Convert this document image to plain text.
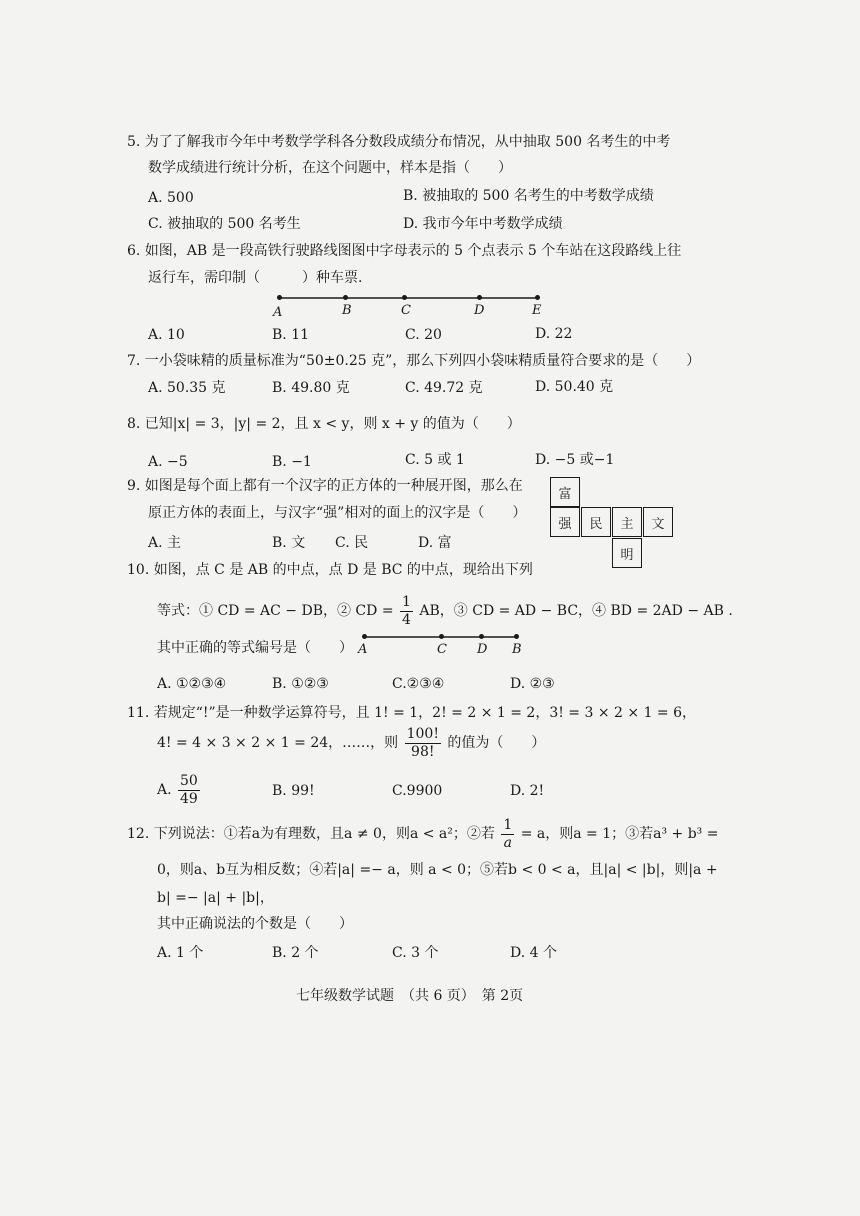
5. 为了了解我市今年中考数学学科各分数段成绩分布情况，从中抽取 500 名考生的中考
数学成绩进行统计分析，在这个问题中，样本是指（　　）
A. 500	B. 被抽取的 500 名考生的中考数学成绩
C. 被抽取的 500 名考生	D. 我市今年中考数学成绩
6. 如图，AB 是一段高铁行驶路线图图中字母表示的 5 个点表示 5 个车站在这段路线上往
返行车，需印制（　　　）种车票.
A	B	C	D	E
A. 10	B. 11	C. 20	D. 22
7. 一小袋味精的质量标准为“50±0.25 克”，那么下列四小袋味精质量符合要求的是（　　）
A. 50.35 克	B. 49.80 克	C. 49.72 克	D. 50.40 克
8. 已知|x| = 3，|y| = 2，且 x < y，则 x + y 的值为（　　）
A. −5	B. −1	C. 5 或 1	D. −5 或−1
9. 如图是每个面上都有一个汉字的正方体的一种展开图，那么在
原正方体的表面上，与汉字“强”相对的面上的汉字是（　　）
富
强	民	主	文
明
A. 主	B. 文 C. 民	D. 富
10. 如图，点 C 是 AB 的中点，点 D 是 BC 的中点，现给出下列
等式：① CD = AC − DB，② CD = $\frac{1}{4}$ AB，③ CD = AD − BC，④ BD = 2AD − AB .
其中正确的等式编号是（　　） A	C D B
A. ①②③④	B. ①②③	C.②③④	D. ②③
11. 若规定“!”是一种数学运算符号，且 1! = 1，2! = 2 × 1 = 2，3! = 3 × 2 × 1 = 6，
4! = 4 × 3 × 2 × 1 = 24，……，则 $\frac{100!}{98!}$ 的值为（　　）
A. $\frac{50}{49}$	B. 99!	C.9900	D. 2!
12. 下列说法：①若a为有理数，且a ≠ 0，则a < a²；②若 $\frac{1}{a} = a$，则a = 1；③若a³ + b³ =
0，则a、b互为相反数；④若|a| =− a，则 a < 0；⑤若b < 0 < a，且|a| < |b|，则|a +
b| =− |a| + |b|，
其中正确说法的个数是（　　）
A. 1 个	B. 2 个	C. 3 个	D. 4 个
七年级数学试题　（共 6 页）　第 2页
